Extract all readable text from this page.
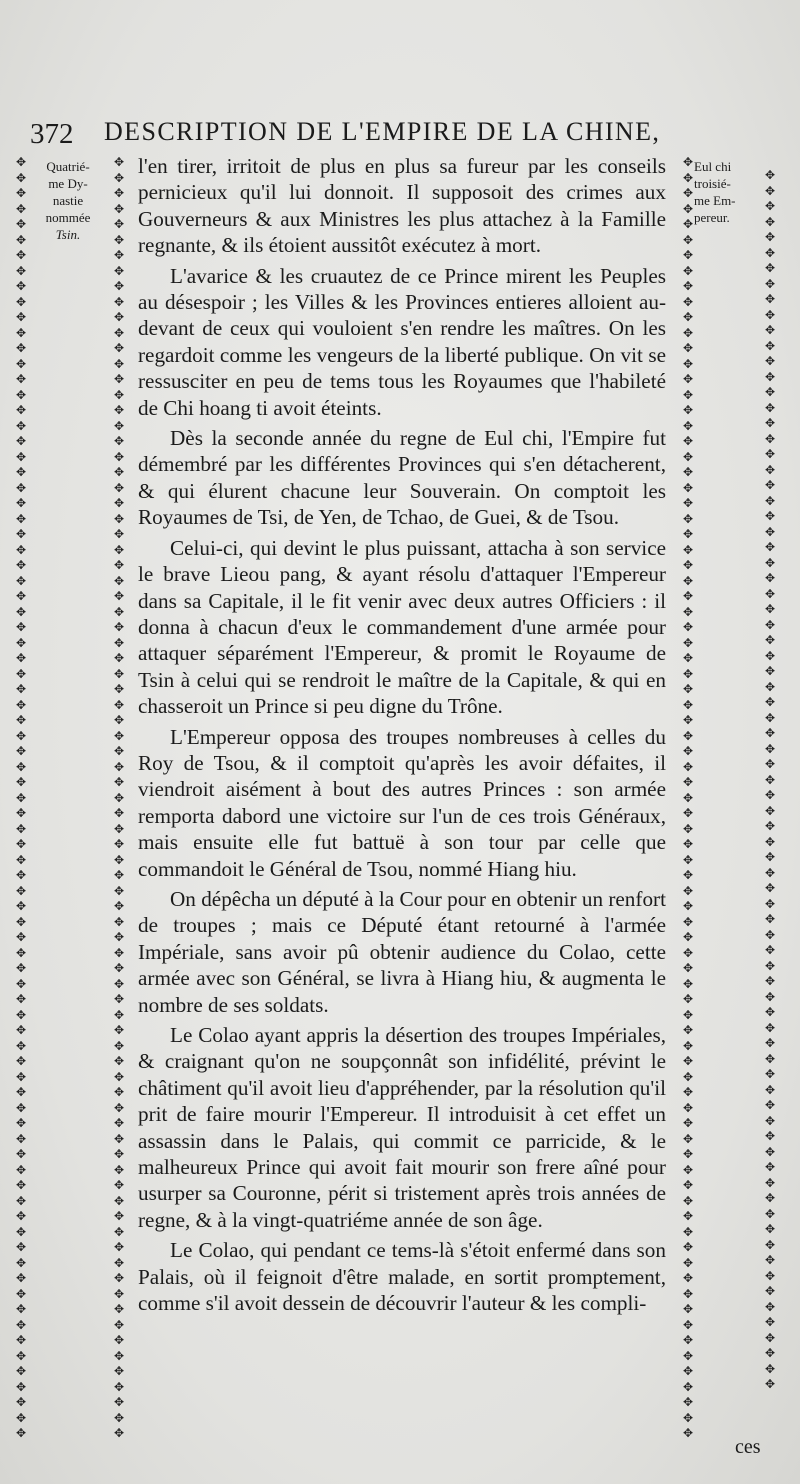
372 DESCRIPTION DE L'EMPIRE DE LA CHINE,
✥
✥
✥
✥
✥
✥
✥
✥
✥
✥
✥
✥
✥
✥
✥
✥
✥
✥
✥
✥
✥
✥
✥
✥
✥
✥
✥
✥
✥
✥
✥
✥
✥
✥
✥
✥
✥
✥
✥
✥
✥
✥
✥
✥
✥
✥
✥
✥
✥
✥
✥
✥
✥
✥
✥
✥
✥
✥
✥
✥
✥
✥
✥
✥
✥
✥
✥
✥
✥
✥
✥
✥
✥
✥
✥
✥
✥
✥
✥
✥
✥
✥
✥
✥
✥
✥
✥
✥
✥
✥
✥
✥
✥
✥
✥
✥
✥
✥
✥
✥
✥
✥
✥
✥
✥
✥
✥
✥
✥
✥
✥
✥
✥
✥
✥
✥
✥
✥
✥
✥
✥
✥
✥
✥
✥
✥
✥
✥
✥
✥
✥
✥
✥
✥
✥
✥
✥
✥
✥
✥
✥
✥
✥
✥
✥
✥
✥
✥
✥
✥
✥
✥
✥
✥
✥
✥
✥
✥
✥
✥
✥
✥
✥
✥
✥
✥
✥
✥
✥
✥
✥
✥
✥
✥
✥
✥
✥
✥
✥
✥
✥
✥
✥
✥
✥
✥
✥
✥
✥
✥
✥
✥
✥
✥
✥
✥
✥
✥
✥
✥
✥
✥
✥
✥
✥
✥
✥
✥
✥
✥
✥
✥
✥
✥
✥
✥
✥
✥
✥
✥
✥
✥
✥
✥
✥
✥
✥
✥
✥
✥
✥
✥
✥
✥
✥
✥
✥
✥
✥
✥
✥
✥
✥
✥
✥
✥
✥
✥
✥
✥
✥
✥
✥
✥
✥
✥
✥
✥
✥
✥
✥
✥
✥
✥
✥
✥
✥
✥
✥
✥
✥
✥
✥
✥
✥
✥
✥
✥
✥
✥
✥
✥
✥
✥
✥
✥
✥
✥
✥
✥
✥
✥
✥
✥
✥
✥
✥
✥
✥
✥
✥
✥
✥
✥
✥
✥
✥
✥
✥
✥
✥
✥
✥
✥
✥
✥
✥
✥
✥
✥
✥
✥
✥
✥
✥
✥
✥
✥
Quatrié-
me Dy-
nastie
nommée
Tsin.
Eul chi
troisié-
me Em-
pereur.

l'en tirer, irritoit de plus en plus sa fureur par les conseils pernicieux qu'il lui donnoit. Il supposoit des crimes aux Gouverneurs & aux Ministres les plus attachez à la Famille regnante, & ils étoient aussitôt exécutez à mort.

L'avarice & les cruautez de ce Prince mirent les Peuples au désespoir ; les Villes & les Provinces entieres alloient au-devant de ceux qui vouloient s'en rendre les maîtres. On les regardoit comme les vengeurs de la liberté publique. On vit se ressusciter en peu de tems tous les Royaumes que l'habileté de Chi hoang ti avoit éteints.

Dès la seconde année du regne de Eul chi, l'Empire fut démembré par les différentes Provinces qui s'en détacherent, & qui élurent chacune leur Souverain. On comptoit les Royaumes de Tsi, de Yen, de Tchao, de Guei, & de Tsou.

Celui-ci, qui devint le plus puissant, attacha à son service le brave Lieou pang, & ayant résolu d'attaquer l'Empereur dans sa Capitale, il le fit venir avec deux autres Officiers : il donna à chacun d'eux le commandement d'une armée pour attaquer séparément l'Empereur, & promit le Royaume de Tsin à celui qui se rendroit le maître de la Capitale, & qui en chasseroit un Prince si peu digne du Trône.

L'Empereur opposa des troupes nombreuses à celles du Roy de Tsou, & il comptoit qu'après les avoir défaites, il viendroit aisément à bout des autres Princes : son armée remporta dabord une victoire sur l'un de ces trois Généraux, mais ensuite elle fut battuë à son tour par celle que commandoit le Général de Tsou, nommé Hiang hiu.

On dépêcha un député à la Cour pour en obtenir un renfort de troupes ; mais ce Député étant retourné à l'armée Impériale, sans avoir pû obtenir audience du Colao, cette armée avec son Général, se livra à Hiang hiu, & augmenta le nombre de ses soldats.

Le Colao ayant appris la désertion des troupes Impériales, & craignant qu'on ne soupçonnât son infidélité, prévint le châtiment qu'il avoit lieu d'appréhender, par la résolution qu'il prit de faire mourir l'Empereur. Il introduisit à cet effet un assassin dans le Palais, qui commit ce parricide, & le malheureux Prince qui avoit fait mourir son frere aîné pour usurper sa Couronne, périt si tristement après trois années de regne, & à la vingt-quatriéme année de son âge.

Le Colao, qui pendant ce tems-là s'étoit enfermé dans son Palais, où il feignoit d'être malade, en sortit promptement, comme s'il avoit dessein de découvrir l'auteur & les compli-

ces
